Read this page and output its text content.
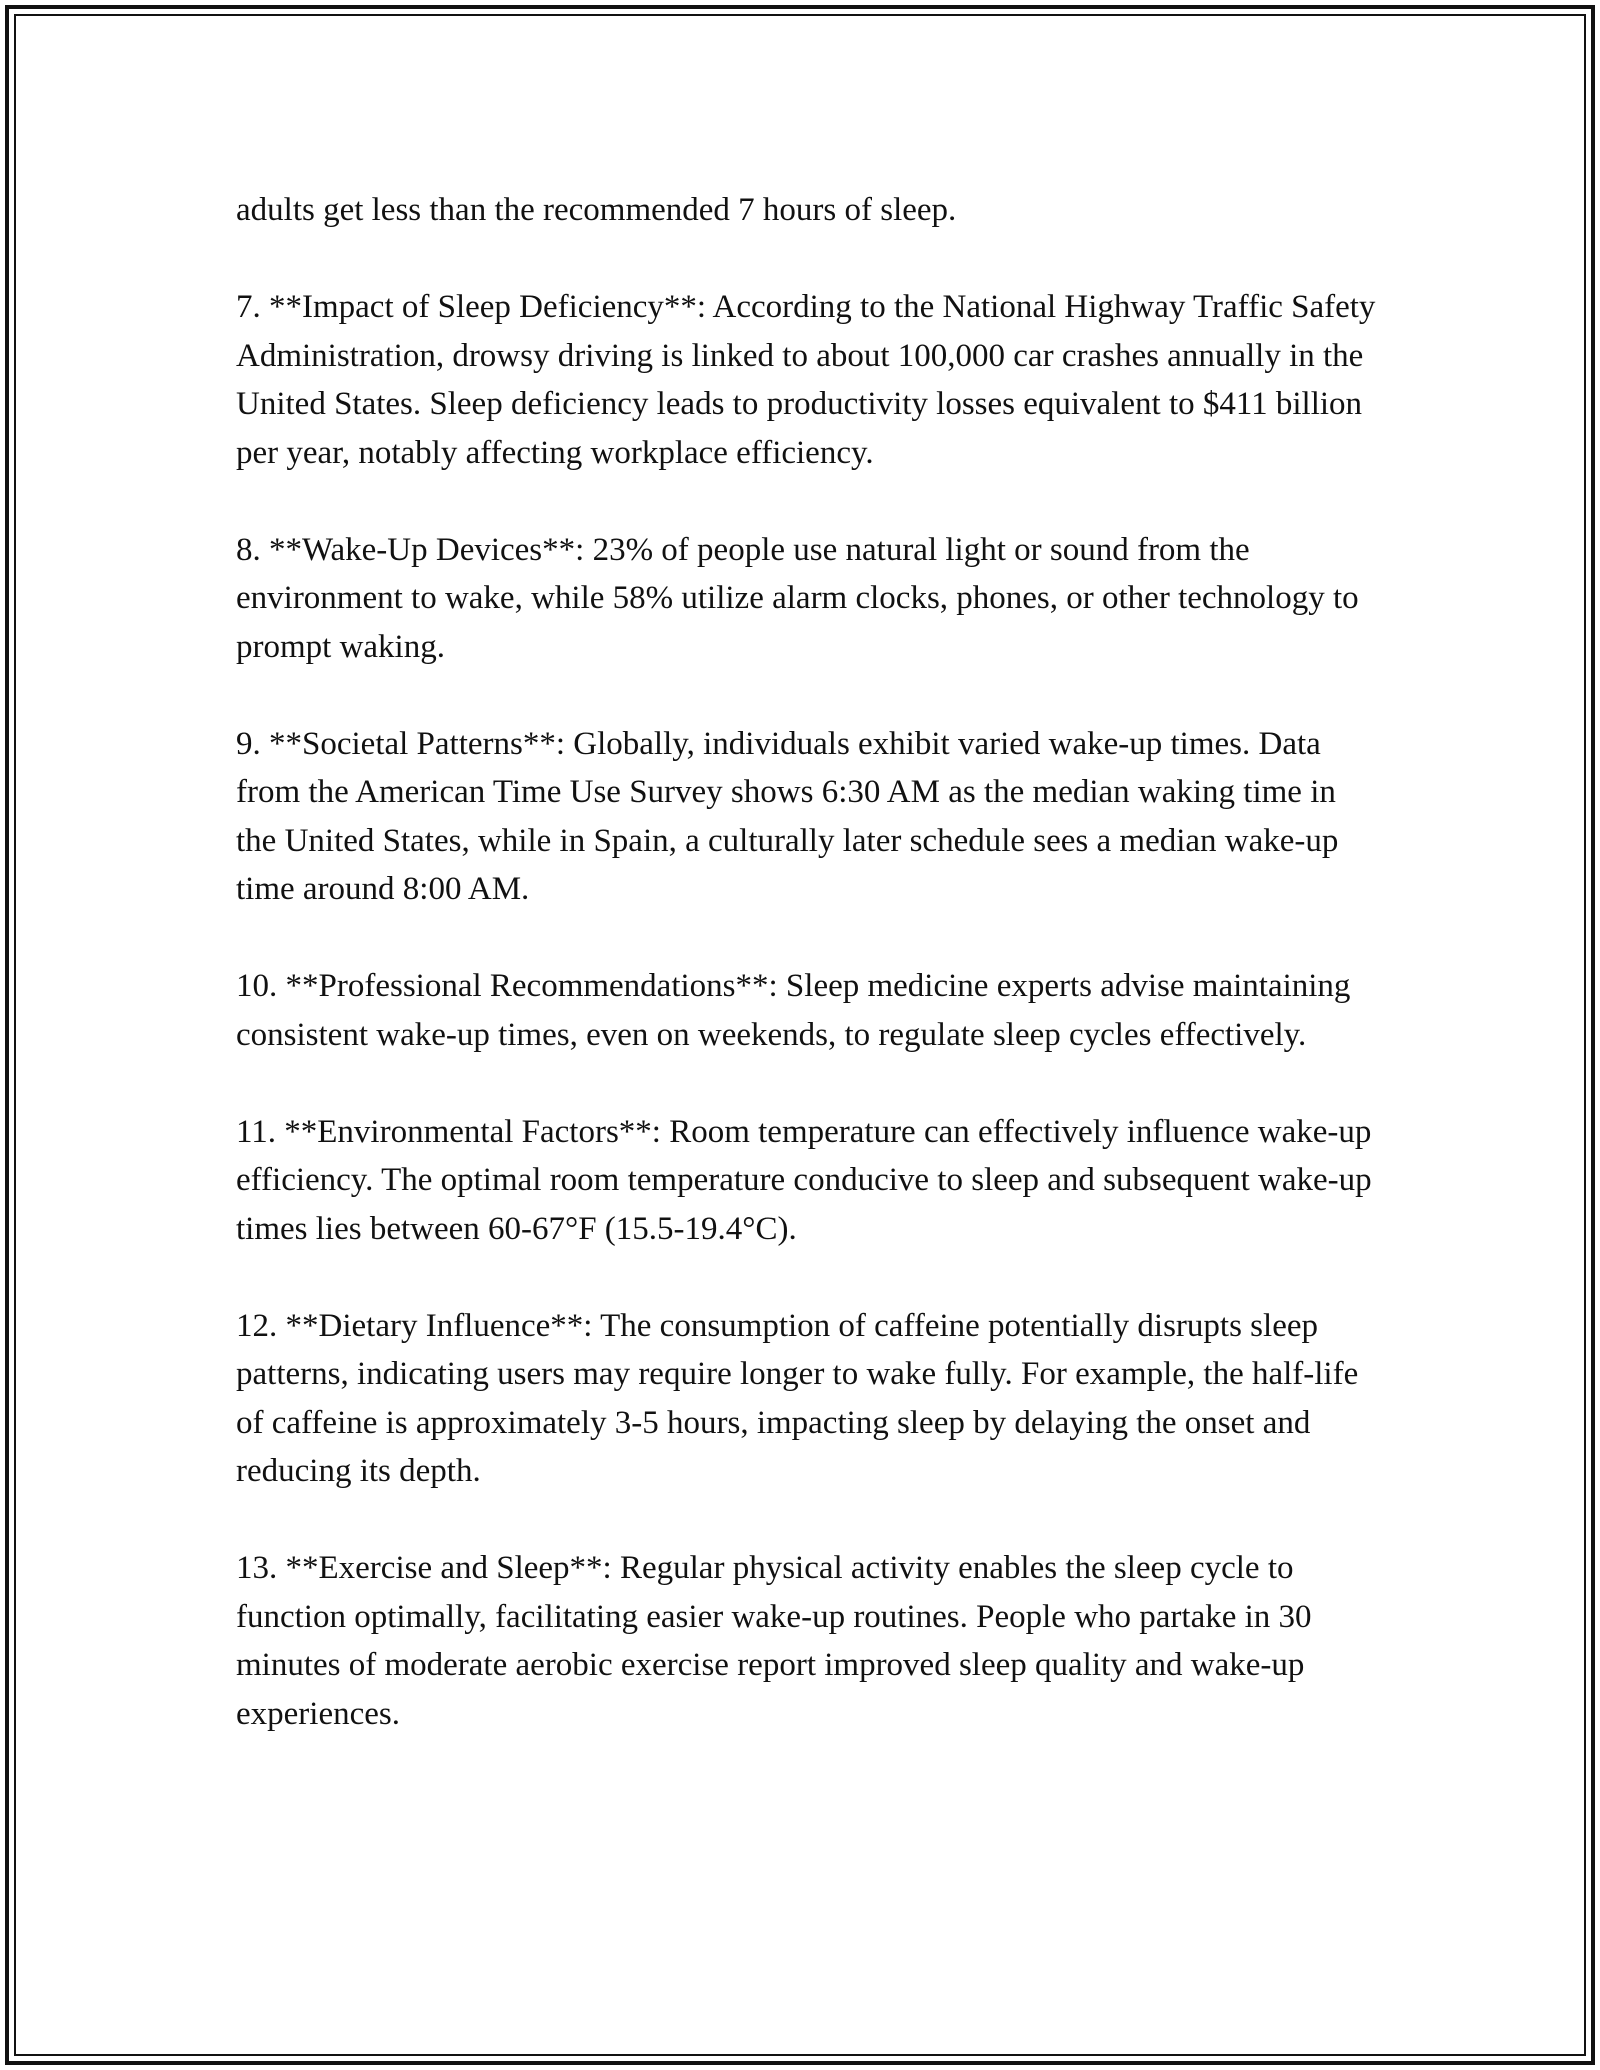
adults get less than the recommended 7 hours of sleep.

7. **Impact of Sleep Deficiency**: According to the National Highway Traffic Safety Administration, drowsy driving is linked to about 100,000 car crashes annually in the United States. Sleep deficiency leads to productivity losses equivalent to $411 billion per year, notably affecting workplace efficiency.

8. **Wake-Up Devices**: 23% of people use natural light or sound from the environment to wake, while 58% utilize alarm clocks, phones, or other technology to prompt waking.

9. **Societal Patterns**: Globally, individuals exhibit varied wake-up times. Data from the American Time Use Survey shows 6:30 AM as the median waking time in the United States, while in Spain, a culturally later schedule sees a median wake-up time around 8:00 AM.

10. **Professional Recommendations**: Sleep medicine experts advise maintaining consistent wake-up times, even on weekends, to regulate sleep cycles effectively.

11. **Environmental Factors**: Room temperature can effectively influence wake-up efficiency. The optimal room temperature conducive to sleep and subsequent wake-up times lies between 60-67°F (15.5-19.4°C).

12. **Dietary Influence**: The consumption of caffeine potentially disrupts sleep patterns, indicating users may require longer to wake fully. For example, the half-life of caffeine is approximately 3-5 hours, impacting sleep by delaying the onset and reducing its depth.

13. **Exercise and Sleep**: Regular physical activity enables the sleep cycle to function optimally, facilitating easier wake-up routines. People who partake in 30 minutes of moderate aerobic exercise report improved sleep quality and wake-up experiences.
